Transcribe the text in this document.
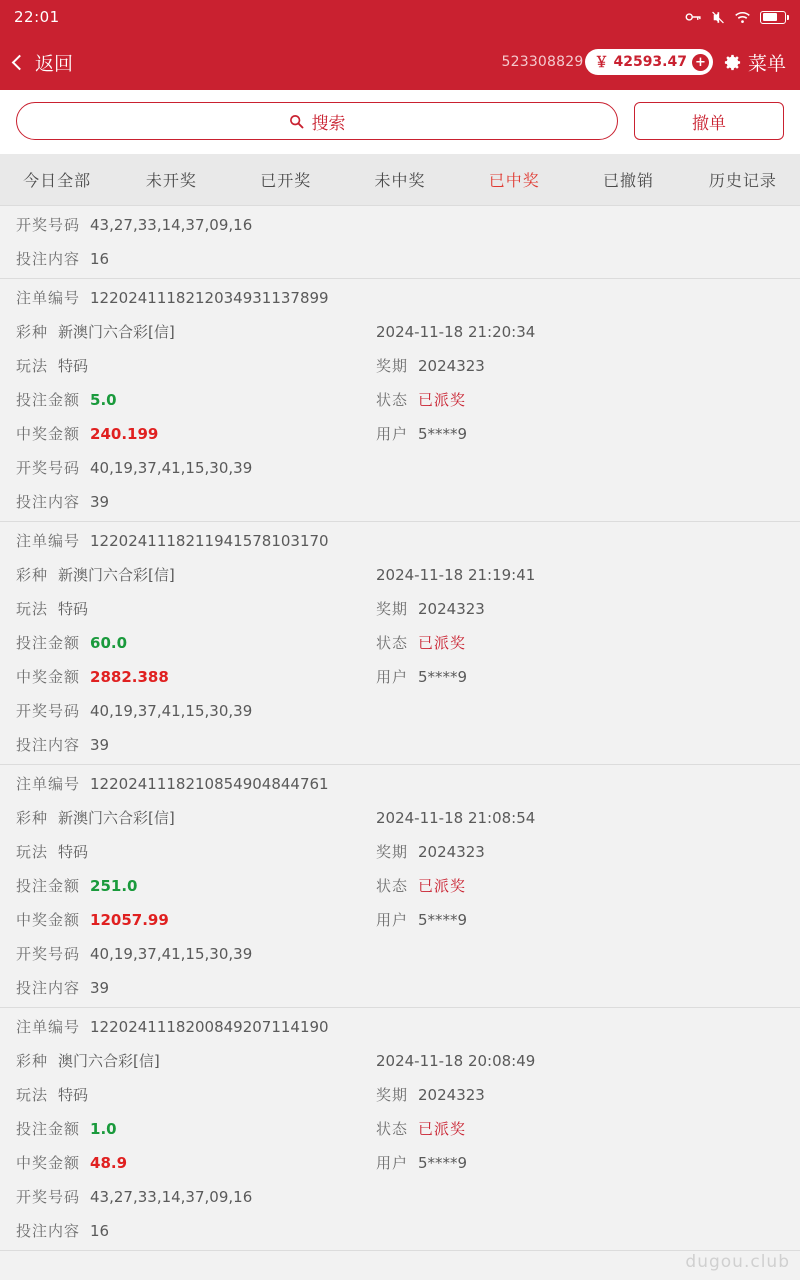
22:01
返回	523308829 ￥ 42593.47 + 菜单
搜索	撤单
今日全部	未开奖	已开奖	未中奖	已中奖	已撤销	历史记录
开奖号码 43,27,33,14,37,09,16
投注内容 16
注单编号 1220241118212034931137899
彩种 新澳门六合彩[信]	2024-11-18 21:20:34
玩法 特码	奖期 2024323
投注金额 5.0	状态 已派奖
中奖金额 240.199	用户 5****9
开奖号码 40,19,37,41,15,30,39
投注内容 39
注单编号 1220241118211941578103170
彩种 新澳门六合彩[信]	2024-11-18 21:19:41
玩法 特码	奖期 2024323
投注金额 60.0	状态 已派奖
中奖金额 2882.388	用户 5****9
开奖号码 40,19,37,41,15,30,39
投注内容 39
注单编号 1220241118210854904844761
彩种 新澳门六合彩[信]	2024-11-18 21:08:54
玩法 特码	奖期 2024323
投注金额 251.0	状态 已派奖
中奖金额 12057.99	用户 5****9
开奖号码 40,19,37,41,15,30,39
投注内容 39
注单编号 1220241118200849207114190
彩种 澳门六合彩[信]	2024-11-18 20:08:49
玩法 特码	奖期 2024323
投注金额 1.0	状态 已派奖
中奖金额 48.9	用户 5****9
开奖号码 43,27,33,14,37,09,16
投注内容 16
dugou.club
